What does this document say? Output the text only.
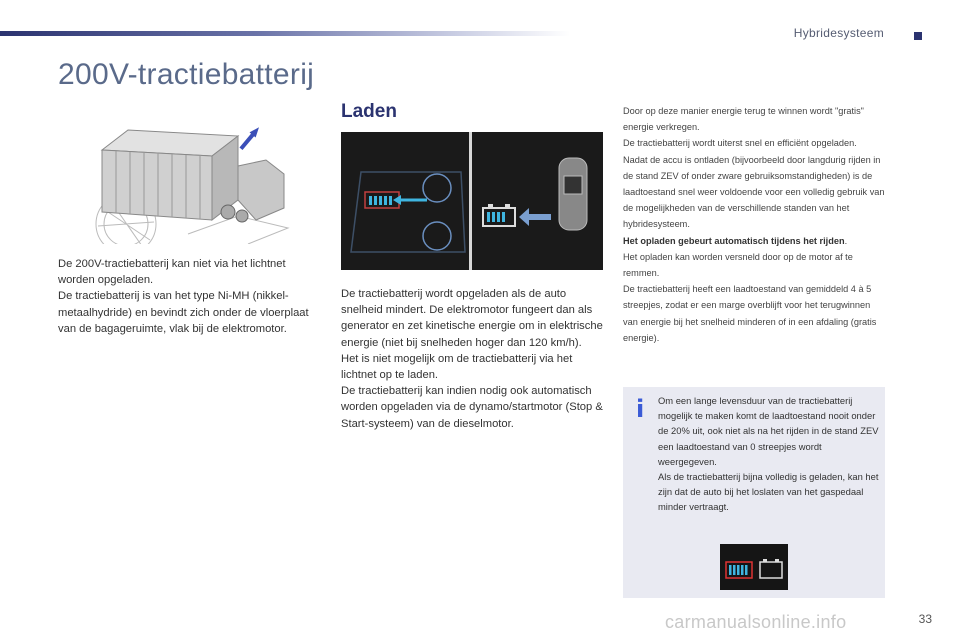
Hybridesysteem
200V-tractiebatterij
De 200V-tractiebatterij kan niet via het lichtnet worden opgeladen.
De tractiebatterij is van het type Ni-MH (nikkel-metaalhydride) en bevindt zich onder de vloerplaat van de bagageruimte, vlak bij de elektromotor.
Laden
De tractiebatterij wordt opgeladen als de auto snelheid mindert. De elektromotor fungeert dan als generator en zet kinetische energie om in elektrische energie (niet bij snelheden hoger dan 120 km/h).
Het is niet mogelijk om de tractiebatterij via het lichtnet op te laden.
De tractiebatterij kan indien nodig ook automatisch worden opgeladen via de dynamo/startmotor (Stop & Start-systeem) van de dieselmotor.
Door op deze manier energie terug te winnen wordt "gratis" energie verkregen.
De tractiebatterij wordt uiterst snel en efficiënt opgeladen.
Nadat de accu is ontladen (bijvoorbeeld door langdurig rijden in de stand ZEV of onder zware gebruiksomstandigheden) is de laadtoestand snel weer voldoende voor een volledig gebruik van de mogelijkheden van de verschillende standen van het hybridesysteem.
Het opladen gebeurt automatisch tijdens het rijden.
Het opladen kan worden versneld door op de motor af te remmen.
De tractiebatterij heeft een laadtoestand van gemiddeld 4 à 5 streepjes, zodat er een marge overblijft voor het terugwinnen van energie bij het snelheid minderen of in een afdaling (gratis energie).
i Om een lange levensduur van de tractiebatterij mogelijk te maken komt de laadtoestand nooit onder de 20% uit, ook niet als na het rijden in de stand ZEV een laadtoestand van 0 streepjes wordt weergegeven.
Als de tractiebatterij bijna volledig is geladen, kan het zijn dat de auto bij het loslaten van het gaspedaal minder vertraagt.
carmanualsonline.info	33
